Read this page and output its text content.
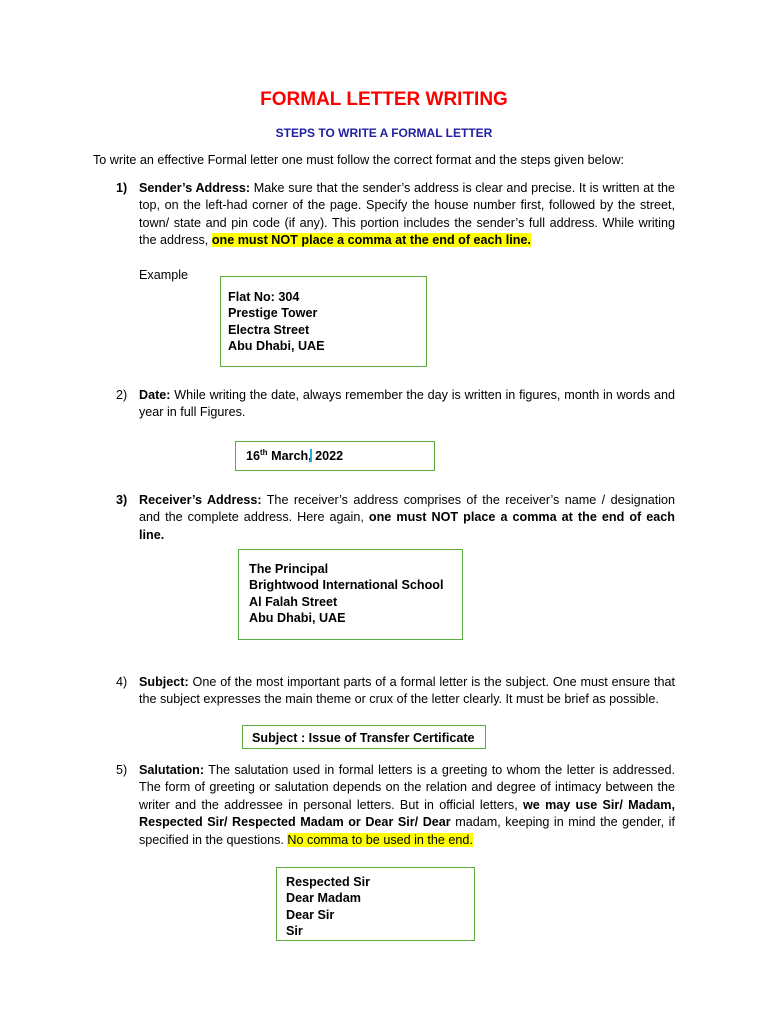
FORMAL LETTER WRITING
STEPS TO WRITE A FORMAL LETTER
To write an effective Formal letter one must follow the correct format and the steps given below:
1) Sender’s Address: Make sure that the sender’s address is clear and precise. It is written at the top, on the left-had corner of the page. Specify the house number first, followed by the street, town/ state and pin code (if any). This portion includes the sender’s full address. While writing the address, one must NOT place a comma at the end of each line.
Example
Flat No: 304
Prestige Tower
Electra Street
Abu Dhabi, UAE
2) Date: While writing the date, always remember the day is written in figures, month in words and year in full Figures.
16th March 2022
3) Receiver’s Address: The receiver’s address comprises of the receiver’s name / designation and the complete address. Here again, one must NOT place a comma at the end of each line.
The Principal
Brightwood International School
Al Falah Street
Abu Dhabi, UAE
4) Subject: One of the most important parts of a formal letter is the subject. One must ensure that the subject expresses the main theme or crux of the letter clearly. It must be brief as possible.
Subject : Issue of Transfer Certificate
5) Salutation: The salutation used in formal letters is a greeting to whom the letter is addressed. The form of greeting or salutation depends on the relation and degree of intimacy between the writer and the addressee in personal letters. But in official letters, we may use Sir/ Madam, Respected Sir/ Respected Madam or Dear Sir/ Dear madam, keeping in mind the gender, if specified in the questions. No comma to be used in the end.
Respected Sir
Dear Madam
Dear Sir
Sir
